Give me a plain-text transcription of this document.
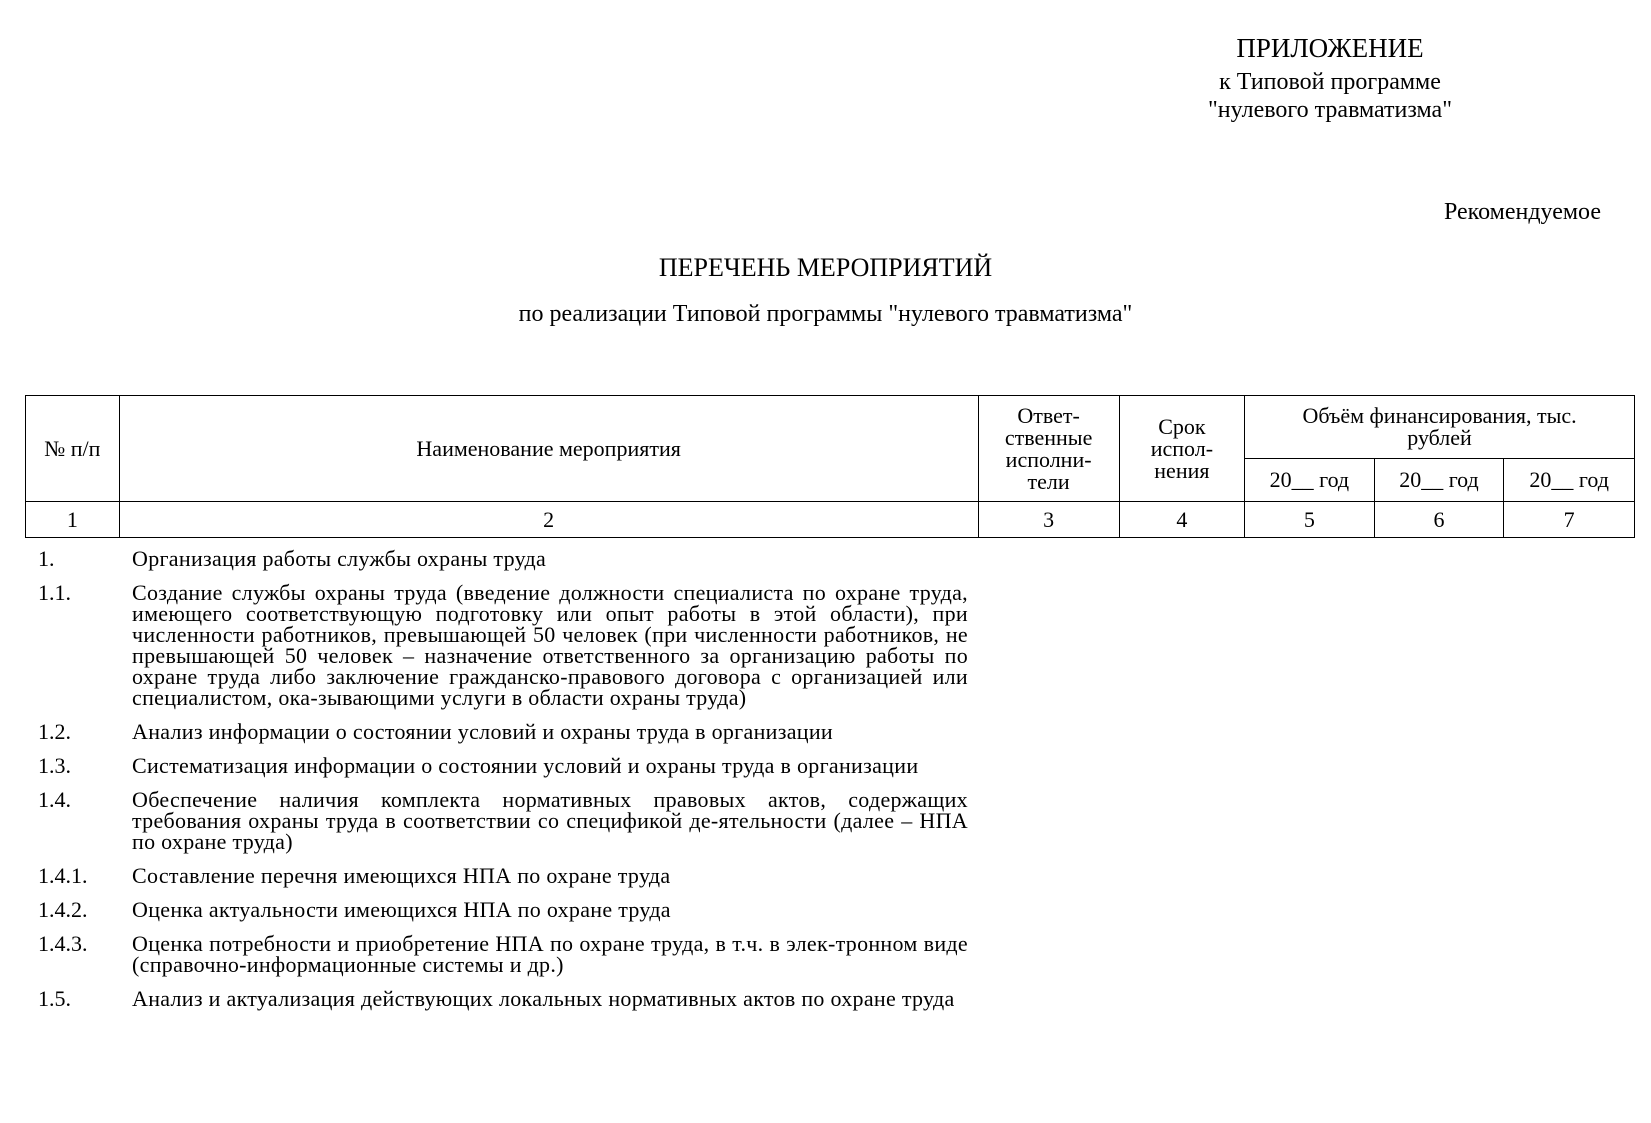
ПРИЛОЖЕНИЕ
к Типовой программе
"нулевого травматизма"
Рекомендуемое
ПЕРЕЧЕНЬ МЕРОПРИЯТИЙ
по реализации Типовой программы "нулевого травматизма"
№ п/п	Наименование мероприятия	Ответ-ственные исполни-тели	Срок испол-нения	Объём финансирования, тыс. рублей		
				20__ год	20__ год	20__ год
1	2	3	4	5	6	7
1.	Организация работы службы охраны труда
1.1.	Создание службы охраны труда (введение должности специалиста по охране труда, имеющего соответствующую подготовку или опыт работы в этой области), при численности работников, превышающей 50 человек (при численности работников, не превышающей 50 человек – назначение ответственного за организацию работы по охране труда либо заключение гражданско-правового договора с организацией или специалистом, ока-зывающими услуги в области охраны труда)
1.2.	Анализ информации о состоянии условий и охраны труда в организации
1.3.	Систематизация информации о состоянии условий и охраны труда в организации
1.4.	Обеспечение наличия комплекта нормативных правовых актов, содержащих требования охраны труда в соответствии со спецификой де-ятельности (далее – НПА по охране труда)
1.4.1.	Составление перечня имеющихся НПА по охране труда
1.4.2.	Оценка актуальности имеющихся НПА по охране труда
1.4.3.	Оценка потребности и приобретение НПА по охране труда, в т.ч. в элек-тронном виде (справочно-информационные системы и др.)
1.5.	Анализ и актуализация действующих локальных нормативных актов по охране труда
